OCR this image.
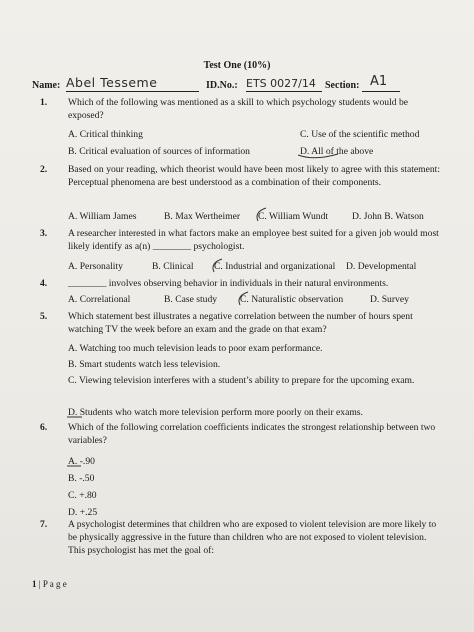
Test One (10%)
Name: Abel Tesseme	ID.No.: ETS 0027/14 Section: A1
1. Which of the following was mentioned as a skill to which psychology students would be exposed?
A. Critical thinking	C. Use of the scientific method
B. Critical evaluation of sources of information	D. All of the above
2. Based on your reading, which theorist would have been most likely to agree with this statement: Perceptual phenomena are best understood as a combination of their components.
A. William James	B. Max Wertheimer C. William Wundt D. John B. Watson
3. A researcher interested in what factors make an employee best suited for a given job would most likely identify as a(n) ________ psychologist.
A. Personality	B. Clinical C. Industrial and organizational D. Developmental
4. ________ involves observing behavior in individuals in their natural environments.
A. Correlational	B. Case study C. Naturalistic observation	D. Survey
5. Which statement best illustrates a negative correlation between the number of hours spent watching TV the week before an exam and the grade on that exam?
A. Watching too much television leads to poor exam performance.
B. Smart students watch less television.
C. Viewing television interferes with a student’s ability to prepare for the upcoming exam.
D. Students who watch more television perform more poorly on their exams.
6. Which of the following correlation coefficients indicates the strongest relationship between two variables?
A. -.90
B. -.50
C. +.80
D. +.25
7. A psychologist determines that children who are exposed to violent television are more likely to be physically aggressive in the future than children who are not exposed to violent television. This psychologist has met the goal of:
1 | P a g e
